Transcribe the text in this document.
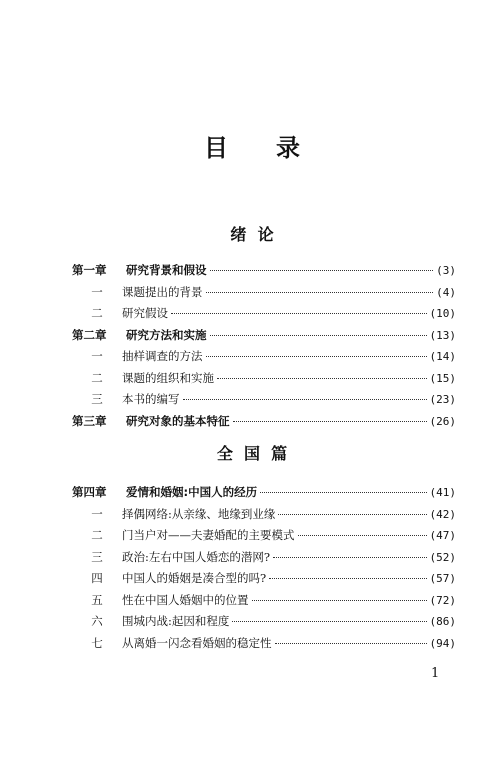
目 录
绪  论
第一章	研究背景和假设	(3)
一	课题提出的背景	(4)
二	研究假设	(10)
第二章	研究方法和实施	(13)
一	抽样调查的方法	(14)
二	课题的组织和实施	(15)
三	本书的编写	(23)
第三章	研究对象的基本特征	(26)
全  国  篇
第四章	爱情和婚姻:中国人的经历	(41)
一	择偶网络:从亲缘、地缘到业缘	(42)
二	门当户对——夫妻婚配的主要模式	(47)
三	政治:左右中国人婚恋的潜网?	(52)
四	中国人的婚姻是凑合型的吗?	(57)
五	性在中国人婚姻中的位置	(72)
六	围城内战:起因和程度	(86)
七	从离婚一闪念看婚姻的稳定性	(94)
1
